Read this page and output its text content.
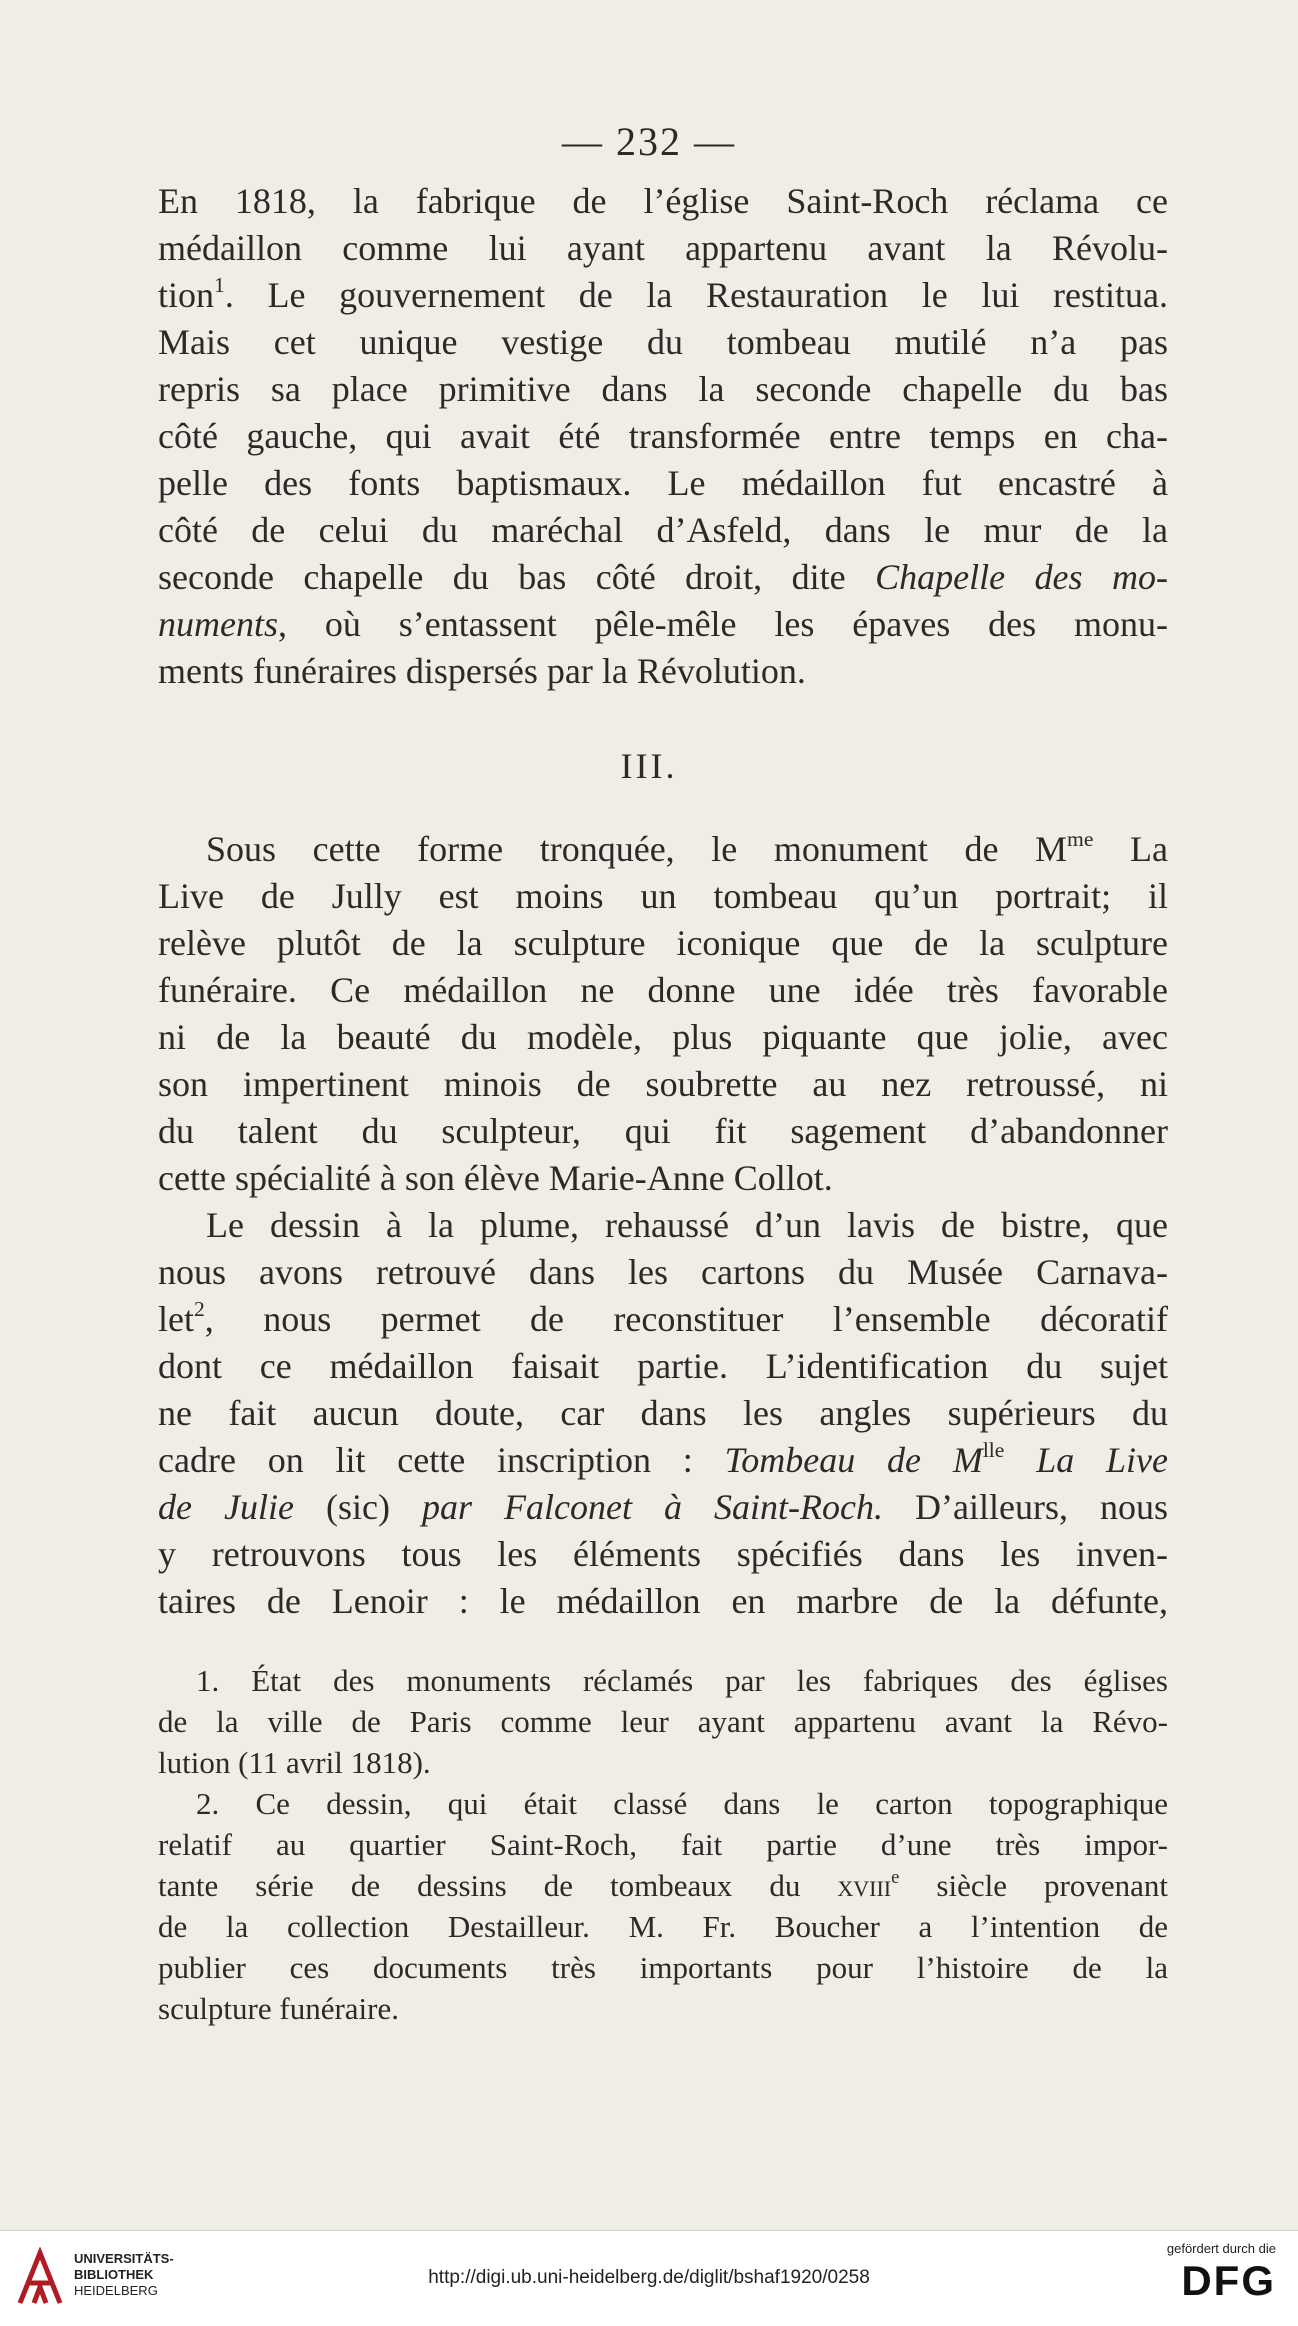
— 232 —
En 1818, la fabrique de l’église Saint-Roch réclama ce
médaillon comme lui ayant appartenu avant la Révolu-
tion$^1$. Le gouvernement de la Restauration le lui restitua.
Mais cet unique vestige du tombeau mutilé n’a pas
repris sa place primitive dans la seconde chapelle du bas
côté gauche, qui avait été transformée entre temps en cha-
pelle des fonts baptismaux. Le médaillon fut encastré à
côté de celui du maréchal d’Asfeld, dans le mur de la
seconde chapelle du bas côté droit, dite Chapelle des mo-
numents, où s’entassent pêle-mêle les épaves des monu-
ments funéraires dispersés par la Révolution.
III.
Sous cette forme tronquée, le monument de $M^{me}$ La
Live de Jully est moins un tombeau qu’un portrait; il
relève plutôt de la sculpture iconique que de la sculpture
funéraire. Ce médaillon ne donne une idée très favorable
ni de la beauté du modèle, plus piquante que jolie, avec
son impertinent minois de soubrette au nez retroussé, ni
du talent du sculpteur, qui fit sagement d’abandonner
cette spécialité à son élève Marie-Anne Collot.
Le dessin à la plume, rehaussé d’un lavis de bistre, que
nous avons retrouvé dans les cartons du Musée Carnava-
let$^2$, nous permet de reconstituer l’ensemble décoratif
dont ce médaillon faisait partie. L’identification du sujet
ne fait aucun doute, car dans les angles supérieurs du
cadre on lit cette inscription : Tombeau de $M^{lle}$ La Live
de Julie (sic) par Falconet à Saint-Roch. D’ailleurs, nous
y retrouvons tous les éléments spécifiés dans les inven-
taires de Lenoir : le médaillon en marbre de la défunte,
1. État des monuments réclamés par les fabriques des églises
de la ville de Paris comme leur ayant appartenu avant la Révo-
lution (11 avril 1818).
2. Ce dessin, qui était classé dans le carton topographique
relatif au quartier Saint-Roch, fait partie d’une très impor-
tante série de dessins de tombeaux du xviii$^e$ siècle provenant
de la collection Destailleur. M. Fr. Boucher a l’intention de
publier ces documents très importants pour l’histoire de la
sculpture funéraire.
UNIVERSITÄTS-
BIBLIOTHEK
HEIDELBERG
http://digi.ub.uni-heidelberg.de/diglit/bshaf1920/0258
gefördert durch die
DFG
